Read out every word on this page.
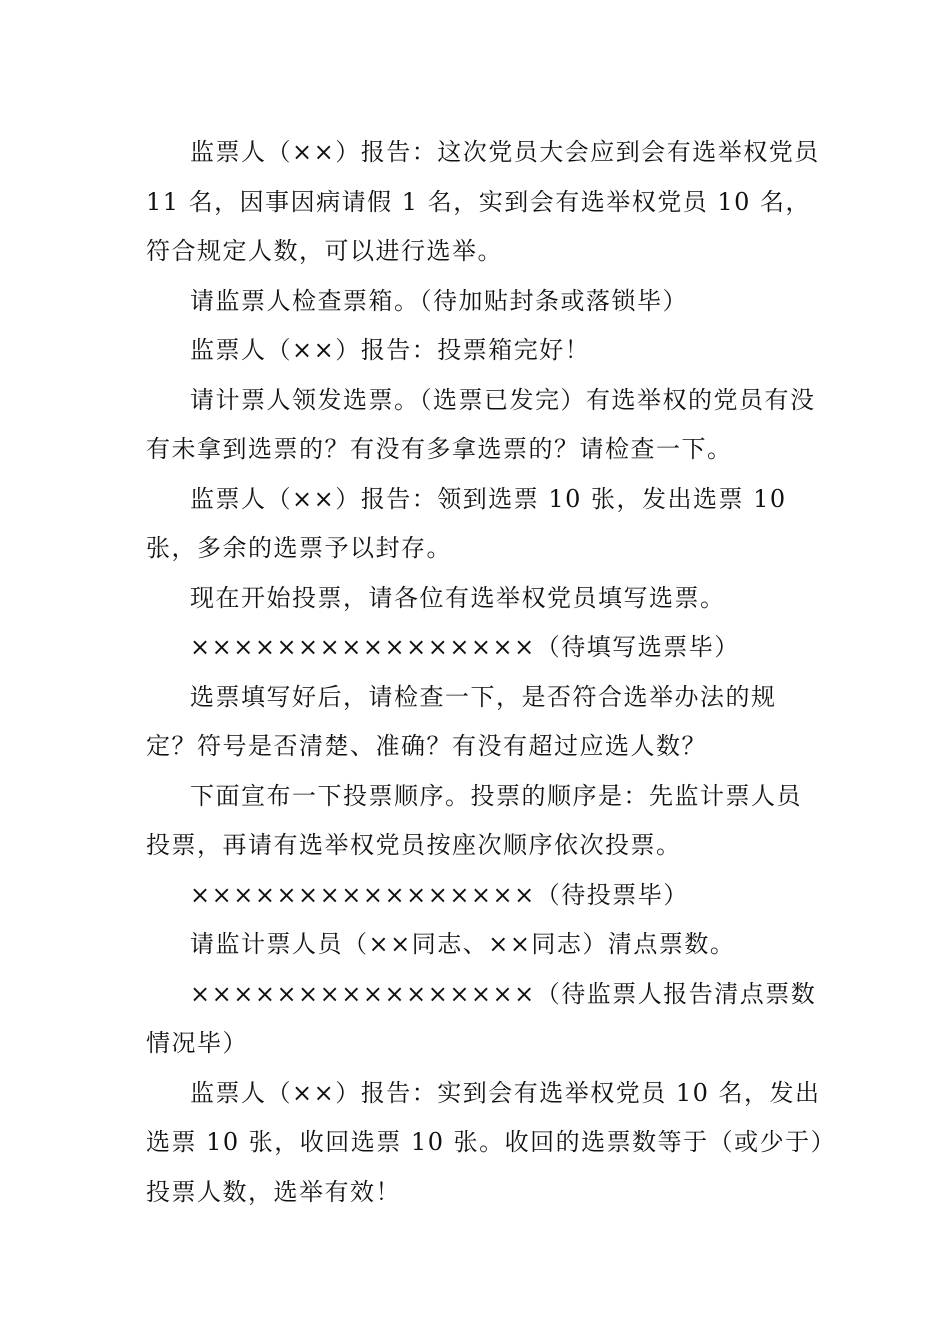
监票人（××）报告：这次党员大会应到会有选举权党员 11 名，因事因病请假 1 名，实到会有选举权党员 10 名，符合规定人数，可以进行选举。

请监票人检查票箱。（待加贴封条或落锁毕）

监票人（××）报告：投票箱完好！

请计票人领发选票。（选票已发完）有选举权的党员有没有未拿到选票的？有没有多拿选票的？请检查一下。

监票人（××）报告：领到选票 10 张，发出选票 10 张，多余的选票予以封存。

现在开始投票，请各位有选举权党员填写选票。

××××××××××××××××（待填写选票毕）

选票填写好后，请检查一下，是否符合选举办法的规定？符号是否清楚、准确？有没有超过应选人数？

下面宣布一下投票顺序。投票的顺序是：先监计票人员投票，再请有选举权党员按座次顺序依次投票。

××××××××××××××××（待投票毕）

请监计票人员（××同志、××同志）清点票数。

××××××××××××××××（待监票人报告清点票数情况毕）

监票人（××）报告：实到会有选举权党员 10 名，发出选票 10 张，收回选票 10 张。收回的选票数等于（或少于）投票人数，选举有效！
